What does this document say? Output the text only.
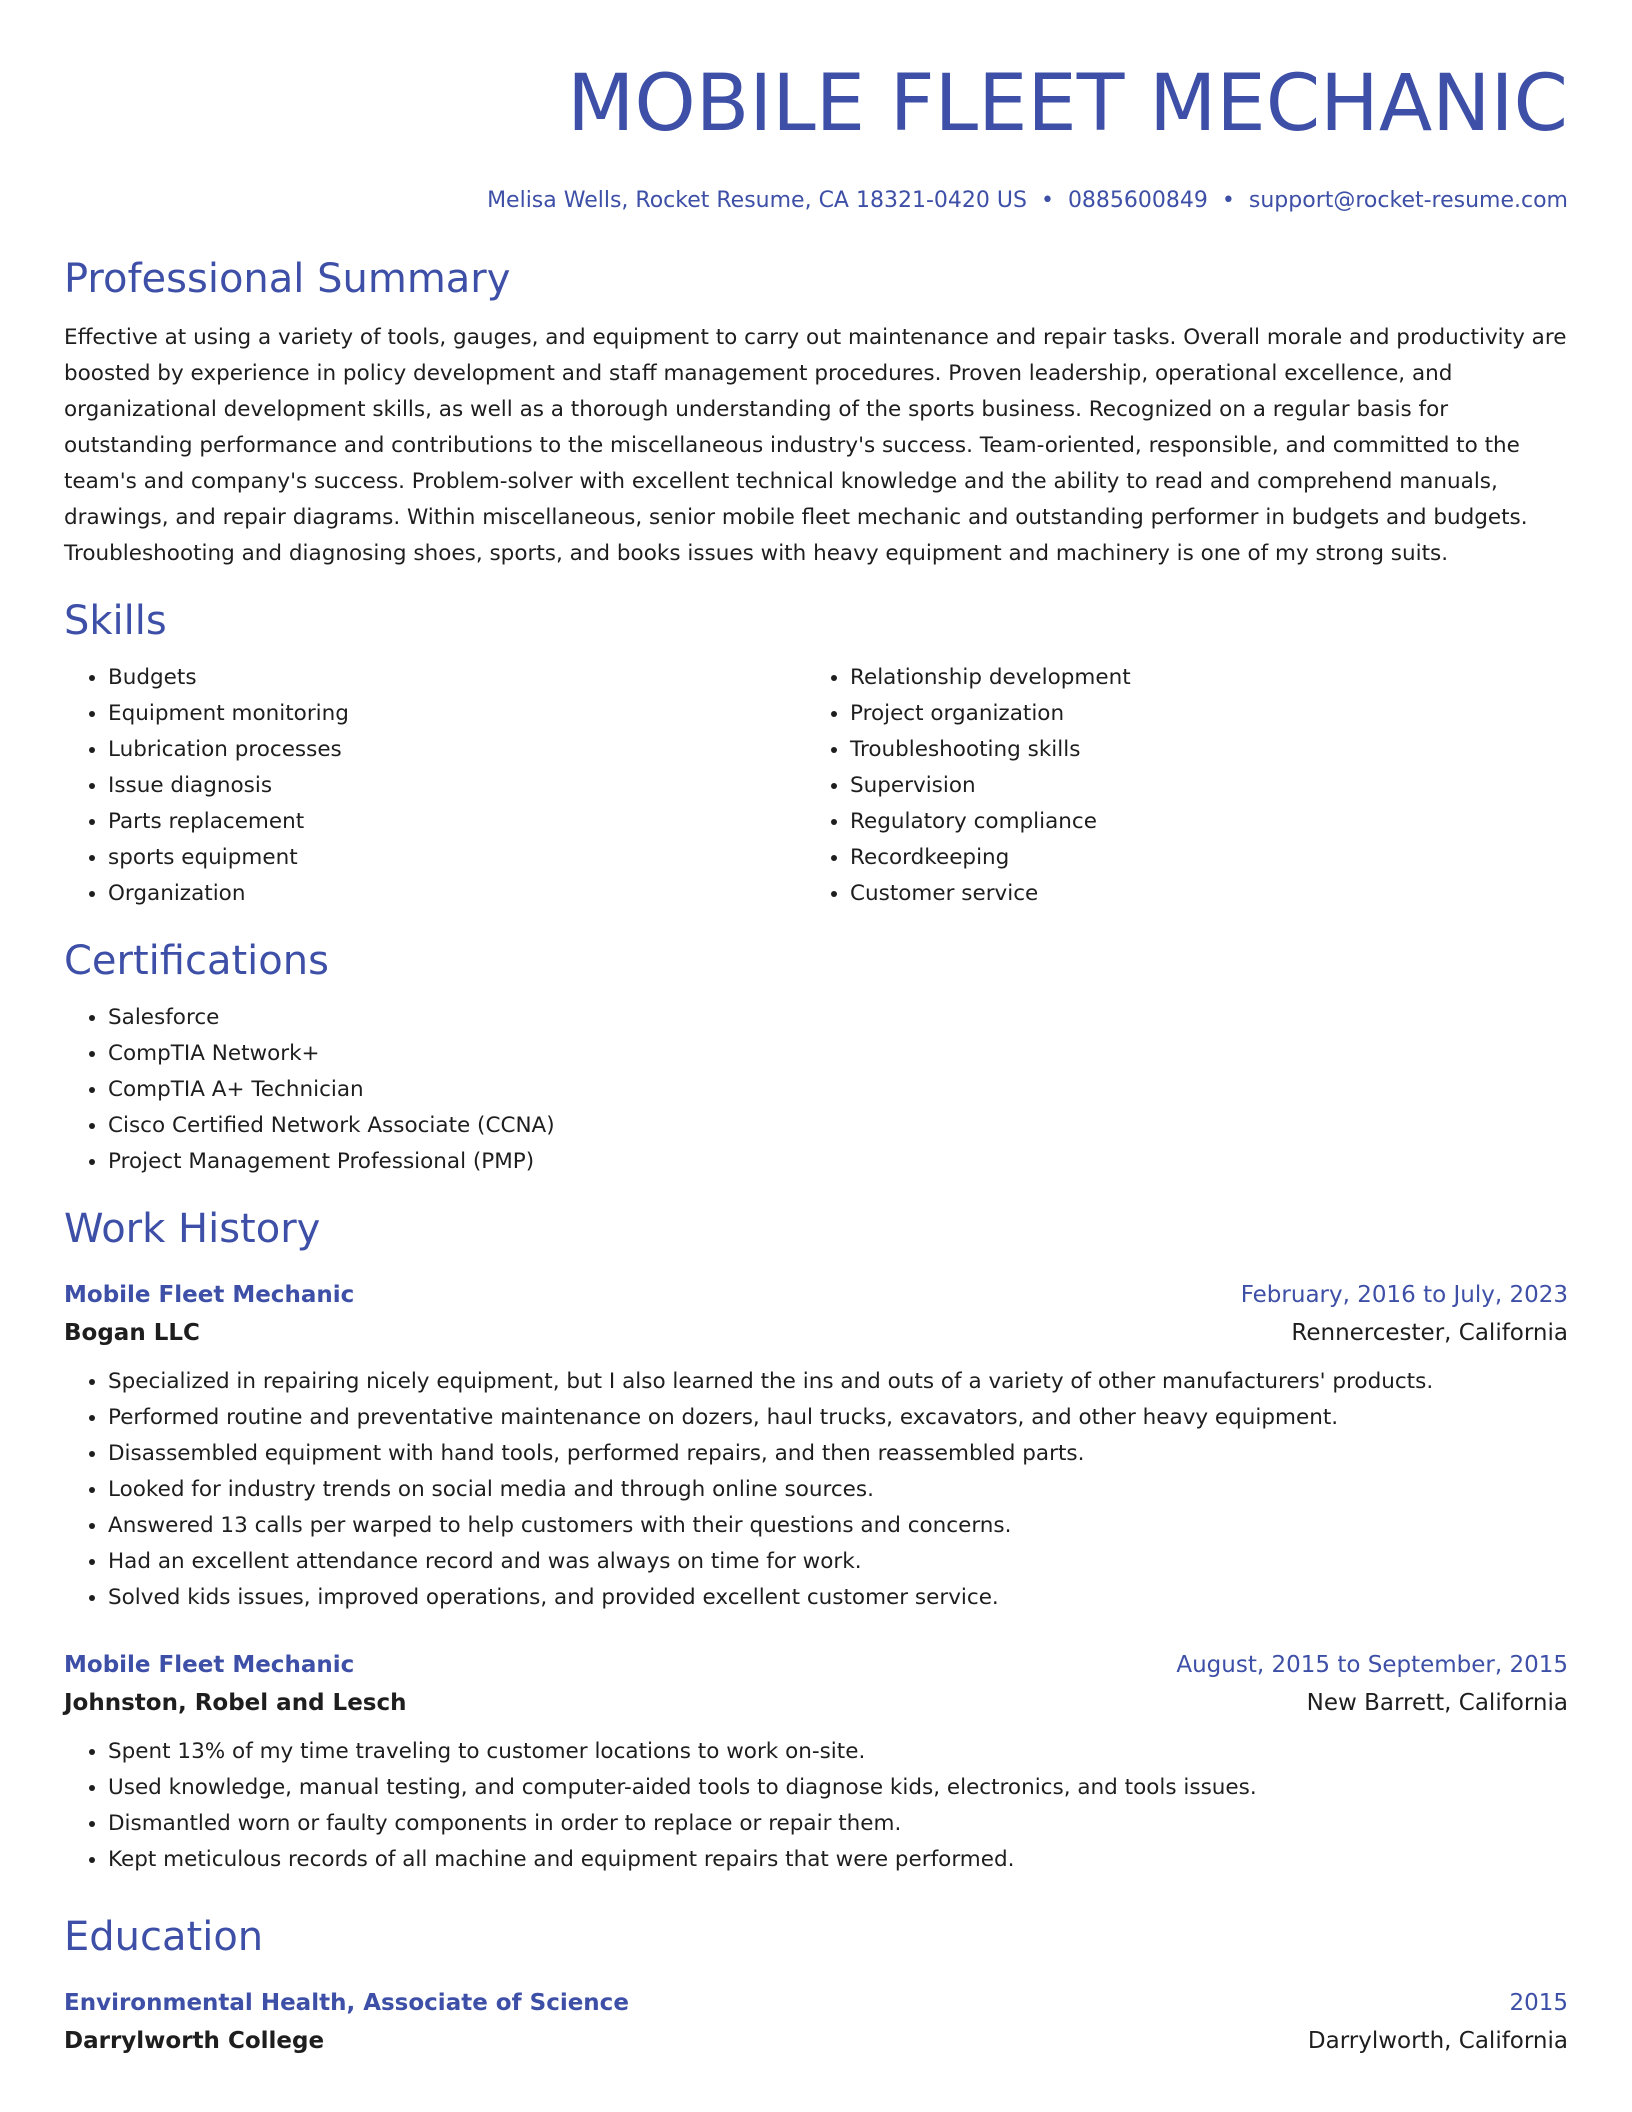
MOBILE FLEET MECHANIC
Melisa Wells, Rocket Resume, CA 18321-0420 US • 0885600849 • support@rocket-resume.com
Professional Summary

Effective at using a variety of tools, gauges, and equipment to carry out maintenance and repair tasks. Overall morale and productivity are boosted by experience in policy development and staff management procedures. Proven leadership, operational excellence, and organizational development skills, as well as a thorough understanding of the sports business. Recognized on a regular basis for outstanding performance and contributions to the miscellaneous industry's success. Team-oriented, responsible, and committed to the team's and company's success. Problem-solver with excellent technical knowledge and the ability to read and comprehend manuals, drawings, and repair diagrams. Within miscellaneous, senior mobile fleet mechanic and outstanding performer in budgets and budgets. Troubleshooting and diagnosing shoes, sports, and books issues with heavy equipment and machinery is one of my strong suits.

Skills
• Budgets
• Equipment monitoring
• Lubrication processes
• Issue diagnosis
• Parts replacement
• sports equipment
• Organization
• Relationship development
• Project organization
• Troubleshooting skills
• Supervision
• Regulatory compliance
• Recordkeeping
• Customer service
Certifications
• Salesforce
• CompTIA Network+
• CompTIA A+ Technician
• Cisco Certified Network Associate (CCNA)
• Project Management Professional (PMP)
Work History
Mobile Fleet Mechanic	February, 2016 to July, 2023
Bogan LLC	Rennercester, California
• Specialized in repairing nicely equipment, but I also learned the ins and outs of a variety of other manufacturers' products.
• Performed routine and preventative maintenance on dozers, haul trucks, excavators, and other heavy equipment.
• Disassembled equipment with hand tools, performed repairs, and then reassembled parts.
• Looked for industry trends on social media and through online sources.
• Answered 13 calls per warped to help customers with their questions and concerns.
• Had an excellent attendance record and was always on time for work.
• Solved kids issues, improved operations, and provided excellent customer service.
Mobile Fleet Mechanic	August, 2015 to September, 2015
Johnston, Robel and Lesch	New Barrett, California
• Spent 13% of my time traveling to customer locations to work on-site.
• Used knowledge, manual testing, and computer-aided tools to diagnose kids, electronics, and tools issues.
• Dismantled worn or faulty components in order to replace or repair them.
• Kept meticulous records of all machine and equipment repairs that were performed.
Education
Environmental Health, Associate of Science	2015
Darrylworth College	Darrylworth, California
